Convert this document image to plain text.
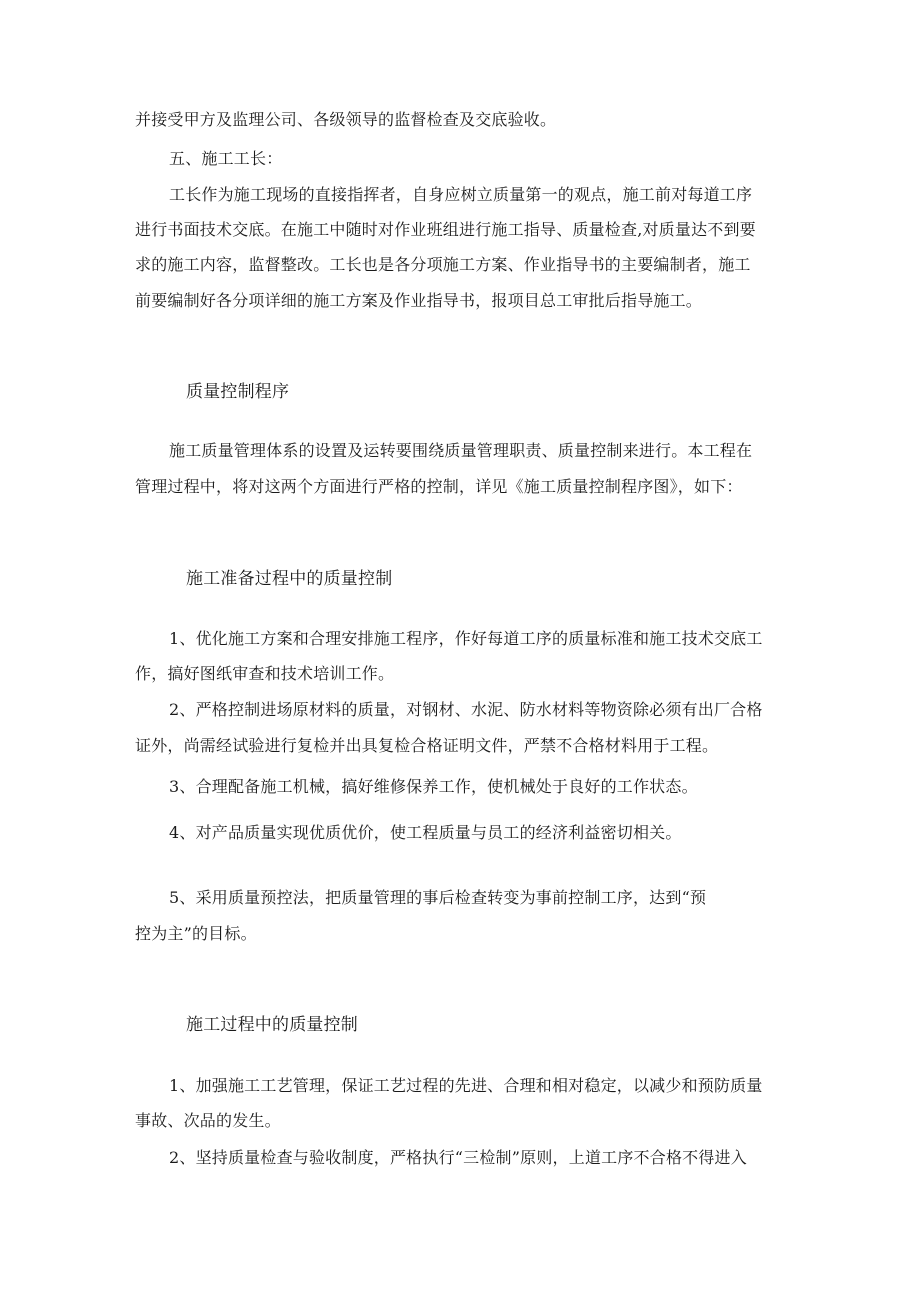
并接受甲方及监理公司、各级领导的监督检查及交底验收。
五、施工工长：
工长作为施工现场的直接指挥者，自身应树立质量第一的观点，施工前对每道工序
进行书面技术交底。在施工中随时对作业班组进行施工指导、质量检查,对质量达不到要
求的施工内容，监督整改。工长也是各分项施工方案、作业指导书的主要编制者，施工
前要编制好各分项详细的施工方案及作业指导书，报项目总工审批后指导施工。
质量控制程序
施工质量管理体系的设置及运转要围绕质量管理职责、质量控制来进行。本工程在
管理过程中，将对这两个方面进行严格的控制，详见《施工质量控制程序图》，如下：
施工准备过程中的质量控制
1、优化施工方案和合理安排施工程序，作好每道工序的质量标准和施工技术交底工
作，搞好图纸审查和技术培训工作。
2、严格控制进场原材料的质量，对钢材、水泥、防水材料等物资除必须有出厂合格
证外，尚需经试验进行复检并出具复检合格证明文件，严禁不合格材料用于工程。
3、合理配备施工机械，搞好维修保养工作，使机械处于良好的工作状态。
4、对产品质量实现优质优价，使工程质量与员工的经济利益密切相关。
5、采用质量预控法，把质量管理的事后检查转变为事前控制工序，达到“预
控为主”的目标。
施工过程中的质量控制
1、加强施工工艺管理，保证工艺过程的先进、合理和相对稳定，以减少和预防质量
事故、次品的发生。
2、坚持质量检查与验收制度，严格执行“三检制”原则，上道工序不合格不得进入
